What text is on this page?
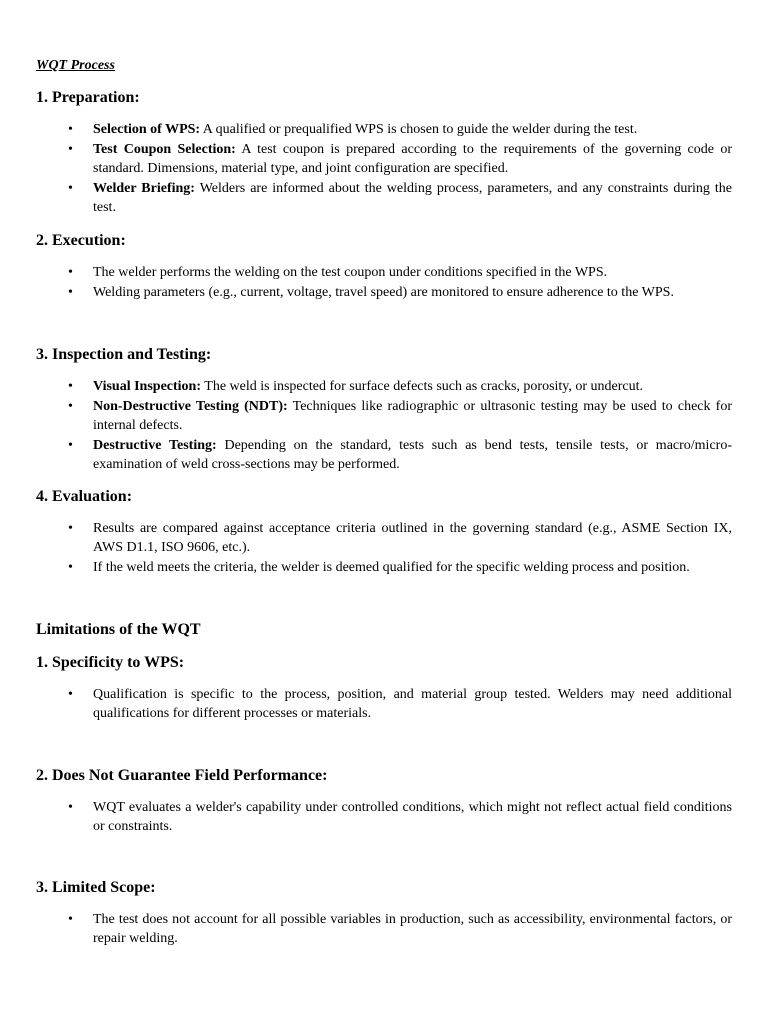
WQT Process
1. Preparation:
• Selection of WPS: A qualified or prequalified WPS is chosen to guide the welder during the test.
• Test Coupon Selection: A test coupon is prepared according to the requirements of the governing code or standard. Dimensions, material type, and joint configuration are specified.
• Welder Briefing: Welders are informed about the welding process, parameters, and any constraints during the test.
2. Execution:
• The welder performs the welding on the test coupon under conditions specified in the WPS.
• Welding parameters (e.g., current, voltage, travel speed) are monitored to ensure adherence to the WPS.
3. Inspection and Testing:
• Visual Inspection: The weld is inspected for surface defects such as cracks, porosity, or undercut.
• Non-Destructive Testing (NDT): Techniques like radiographic or ultrasonic testing may be used to check for internal defects.
• Destructive Testing: Depending on the standard, tests such as bend tests, tensile tests, or macro/micro-examination of weld cross-sections may be performed.
4. Evaluation:
• Results are compared against acceptance criteria outlined in the governing standard (e.g., ASME Section IX, AWS D1.1, ISO 9606, etc.).
• If the weld meets the criteria, the welder is deemed qualified for the specific welding process and position.
Limitations of the WQT
1. Specificity to WPS:
• Qualification is specific to the process, position, and material group tested. Welders may need additional qualifications for different processes or materials.
2. Does Not Guarantee Field Performance:
• WQT evaluates a welder's capability under controlled conditions, which might not reflect actual field conditions or constraints.
3. Limited Scope:
• The test does not account for all possible variables in production, such as accessibility, environmental factors, or repair welding.
